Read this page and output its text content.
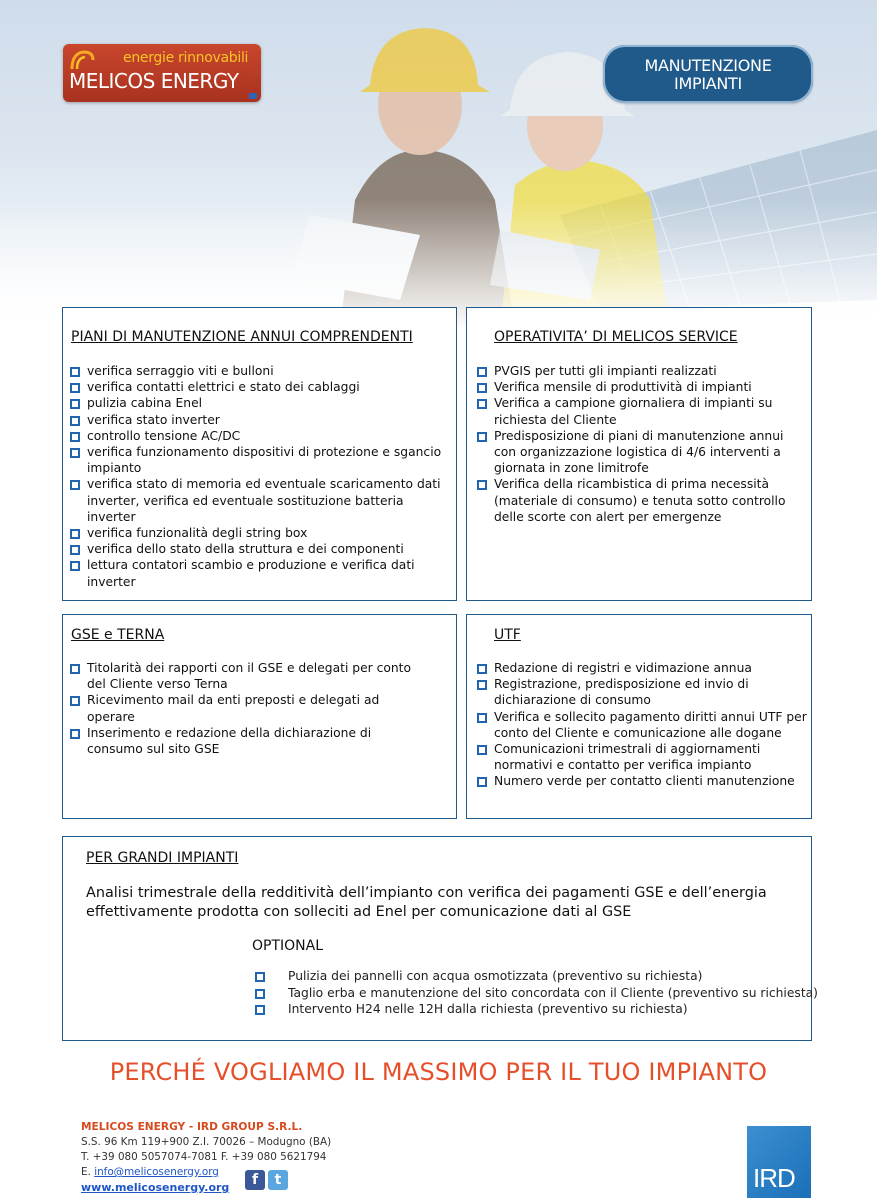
energie rinnovabili
MELICOS ENERGY
MANUTENZIONE
IMPIANTI
PIANI DI MANUTENZIONE ANNUI COMPRENDENTI
verifica serraggio viti e bulloni
verifica contatti elettrici e stato dei cablaggi
pulizia cabina Enel
verifica stato inverter
controllo tensione AC/DC
verifica funzionamento dispositivi di protezione e sgancio impianto
verifica stato di memoria ed eventuale scaricamento dati inverter, verifica ed eventuale sostituzione batteria inverter
verifica funzionalità degli string box
verifica dello stato della struttura e dei componenti
lettura contatori scambio e produzione e verifica dati inverter
OPERATIVITA’ DI MELICOS SERVICE
PVGIS per tutti gli impianti realizzati
Verifica mensile di produttività di impianti
Verifica a campione giornaliera di impianti su richiesta del Cliente
Predisposizione di piani di manutenzione annui con organizzazione logistica di 4/6 interventi a giornata in zone limitrofe
Verifica della ricambistica di prima necessità (materiale di consumo) e tenuta sotto controllo delle scorte con alert per emergenze
GSE e TERNA
Titolarità dei rapporti con il GSE e delegati per conto del Cliente verso Terna
Ricevimento mail da enti preposti e delegati ad operare
Inserimento e redazione della dichiarazione di consumo sul sito GSE
UTF
Redazione di registri e vidimazione annua
Registrazione, predisposizione ed invio di dichiarazione di consumo
Verifica e sollecito pagamento diritti annui UTF per conto del Cliente e comunicazione alle dogane
Comunicazioni trimestrali di aggiornamenti normativi e contatto per verifica impianto
Numero verde per contatto clienti manutenzione
PER GRANDI IMPIANTI
Analisi trimestrale della redditività dell’impianto con verifica dei pagamenti GSE e dell’energia effettivamente prodotta con solleciti ad Enel per comunicazione dati al GSE
OPTIONAL
Pulizia dei pannelli con acqua osmotizzata (preventivo su richiesta)
Taglio erba e manutenzione del sito concordata con il Cliente (preventivo su richiesta)
Intervento H24 nelle 12H dalla richiesta (preventivo su richiesta)
PERCHÉ VOGLIAMO IL MASSIMO PER IL TUO IMPIANTO
MELICOS ENERGY - IRD GROUP S.R.L.
S.S. 96 Km 119+900 Z.I. 70026 – Modugno (BA)
T. +39 080 5057074-7081 F. +39 080 5621794
E. info@melicosenergy.org
www.melicosenergy.org	f t	IRD
